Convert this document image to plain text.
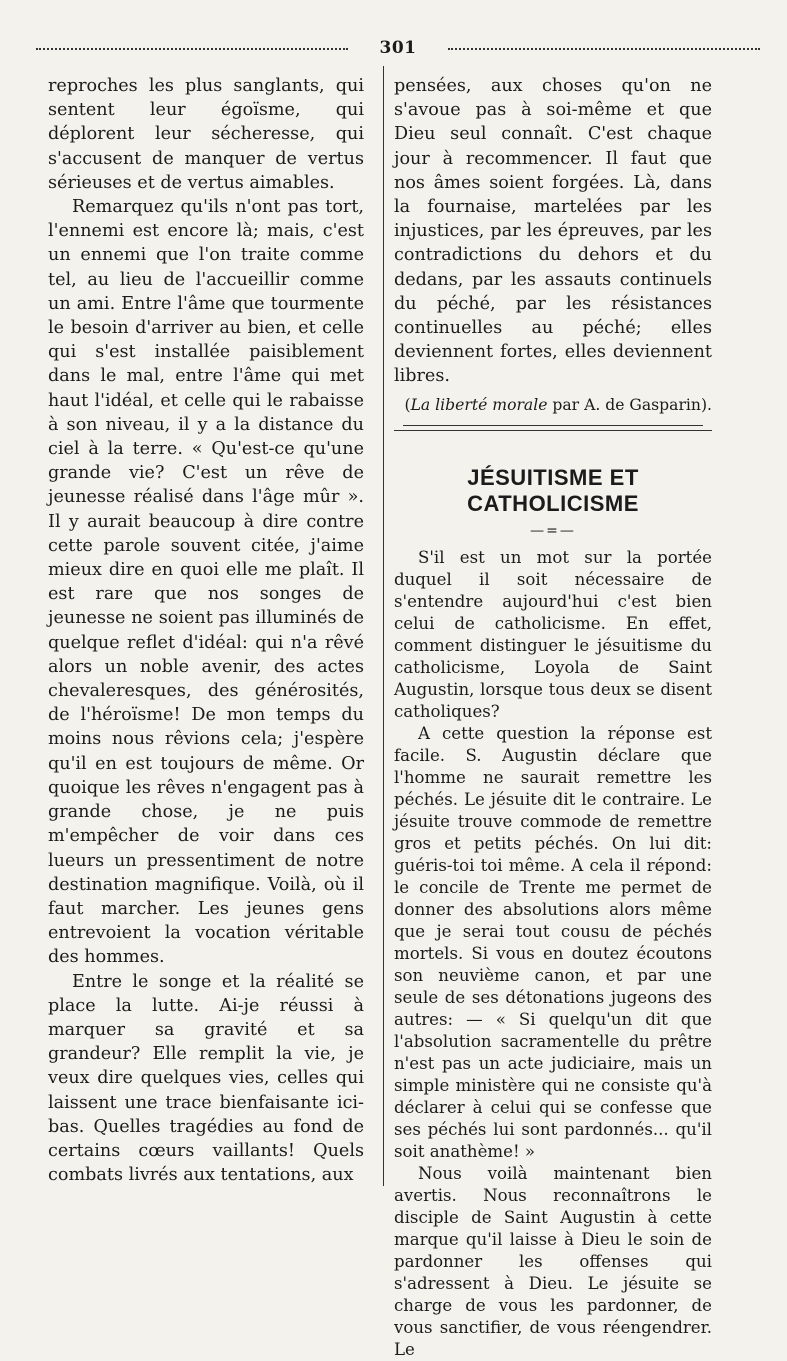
301

reproches les plus sanglants, qui sentent leur égoïsme, qui déplorent leur sécheresse, qui s'accusent de manquer de vertus sérieuses et de vertus aimables.

Remarquez qu'ils n'ont pas tort, l'ennemi est encore là; mais, c'est un ennemi que l'on traite comme tel, au lieu de l'accueillir comme un ami. Entre l'âme que tourmente le besoin d'arriver au bien, et celle qui s'est installée paisiblement dans le mal, entre l'âme qui met haut l'idéal, et celle qui le rabaisse à son niveau, il y a la distance du ciel à la terre. « Qu'est-ce qu'une grande vie? C'est un rêve de jeunesse réalisé dans l'âge mûr ». Il y aurait beaucoup à dire contre cette parole souvent citée, j'aime mieux dire en quoi elle me plaît. Il est rare que nos songes de jeunesse ne soient pas illuminés de quelque reflet d'idéal: qui n'a rêvé alors un noble avenir, des actes chevaleresques, des générosités, de l'héroïsme! De mon temps du moins nous rêvions cela; j'espère qu'il en est toujours de même. Or quoique les rêves n'engagent pas à grande chose, je ne puis m'empêcher de voir dans ces lueurs un pressentiment de notre destination magnifique. Voilà, où il faut marcher. Les jeunes gens entrevoient la vocation véritable des hommes.

Entre le songe et la réalité se place la lutte. Ai-je réussi à marquer sa gravité et sa grandeur? Elle remplit la vie, je veux dire quelques vies, celles qui laissent une trace bienfaisante ici-bas. Quelles tragédies au fond de certains cœurs vaillants! Quels combats livrés aux tentations, aux

pensées, aux choses qu'on ne s'avoue pas à soi-même et que Dieu seul connaît. C'est chaque jour à recommencer. Il faut que nos âmes soient forgées. Là, dans la fournaise, martelées par les injustices, par les épreuves, par les contradictions du dehors et du dedans, par les assauts continuels du péché, par les résistances continuelles au péché; elles deviennent fortes, elles deviennent libres.

(La liberté morale par A. de Gasparin).

JÉSUITISME ET CATHOLICISME

—=—

S'il est un mot sur la portée duquel il soit nécessaire de s'entendre aujourd'hui c'est bien celui de catholicisme. En effet, comment distinguer le jésuitisme du catholicisme, Loyola de Saint Augustin, lorsque tous deux se disent catholiques?

A cette question la réponse est facile. S. Augustin déclare que l'homme ne saurait remettre les péchés. Le jésuite dit le contraire. Le jésuite trouve commode de remettre gros et petits péchés. On lui dit: guéris-toi toi même. A cela il répond: le concile de Trente me permet de donner des absolutions alors même que je serai tout cousu de péchés mortels. Si vous en doutez écoutons son neuvième canon, et par une seule de ses détonations jugeons des autres: — « Si quelqu'un dit que l'absolution sacramentelle du prêtre n'est pas un acte judiciaire, mais un simple ministère qui ne consiste qu'à déclarer à celui qui se confesse que ses péchés lui sont pardonnés... qu'il soit anathème! »

Nous voilà maintenant bien avertis. Nous reconnaîtrons le disciple de Saint Augustin à cette marque qu'il laisse à Dieu le soin de pardonner les offenses qui s'adressent à Dieu. Le jésuite se charge de vous les pardonner, de vous sanctifier, de vous réengendrer. Le
